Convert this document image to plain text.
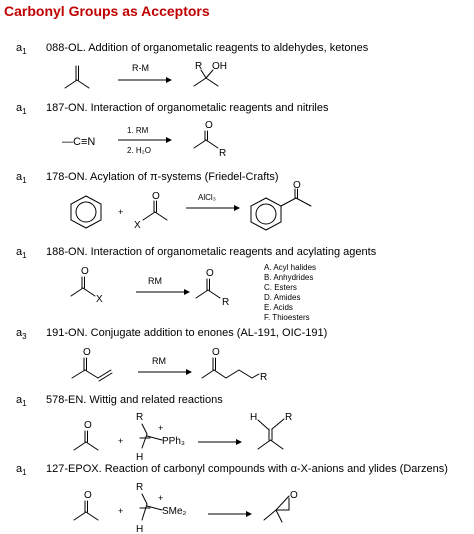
Carbonyl Groups as Acceptors
$a_1$ 088-OL. Addition of organometalic reagents to aldehydes, ketones
R-M	R OH
$a_1$ 187-ON. Interaction of organometalic reagents and nitriles
—C≡N
1. RM
2. H₂O
O
R
$a_1$ 178-ON. Acylation of π-systems (Friedel-Crafts)
+
O
X
AlCl₃
O
$a_1$ 188-ON. Interaction of organometalic reagents and acylating agents
O
X
RM
O
R
A. Acyl halides
B. Anhydrides
C. Esters
D. Amides
E. Acids
F. Thioesters
$a_3$ 191-ON. Conjugate addition to enones (AL-191, OIC-191)
O
RM
O
R
$a_1$ 578-EN. Wittig and related reactions
O
+
R
H
+
PPh₃
H	R
$a_1$ 127-EPOX. Reaction of carbonyl compounds with α-X-anions and ylides (Darzens)
O
+
R
H
+
SMe₂
O
